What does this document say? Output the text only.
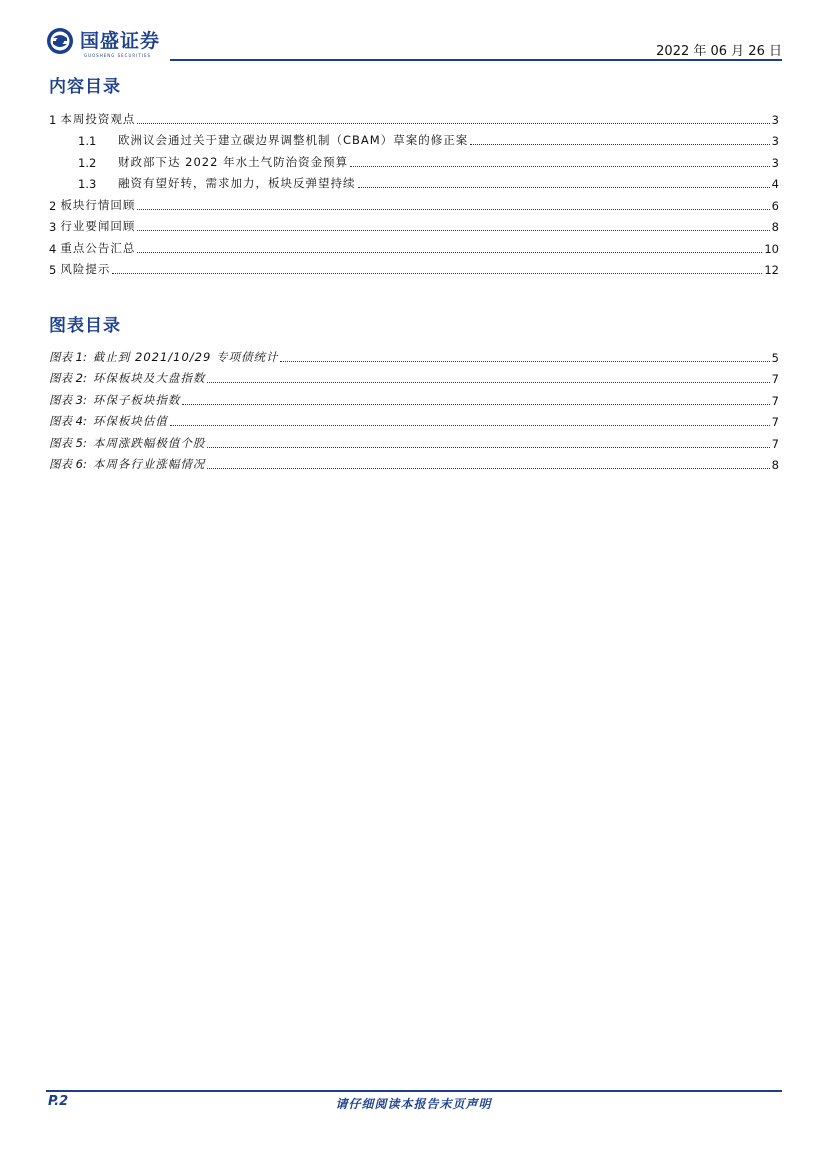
国盛证券
GUOSHENG SECURITIES	2022 年 06 月 26 日
内容目录
1 本周投资观点	3
1.1	欧洲议会通过关于建立碳边界调整机制（CBAM）草案的修正案	3
1.2	财政部下达 2022 年水土气防治资金预算	3
1.3	融资有望好转，需求加力，板块反弹望持续	4
2 板块行情回顾	6
3 行业要闻回顾	8
4 重点公告汇总	10
5 风险提示	12
图表目录
图表 1: 截止到 2021/10/29 专项债统计	5
图表 2: 环保板块及大盘指数	7
图表 3: 环保子板块指数	7
图表 4: 环保板块估值	7
图表 5: 本周涨跌幅极值个股	7
图表 6: 本周各行业涨幅情况	8
P.2	请仔细阅读本报告末页声明
